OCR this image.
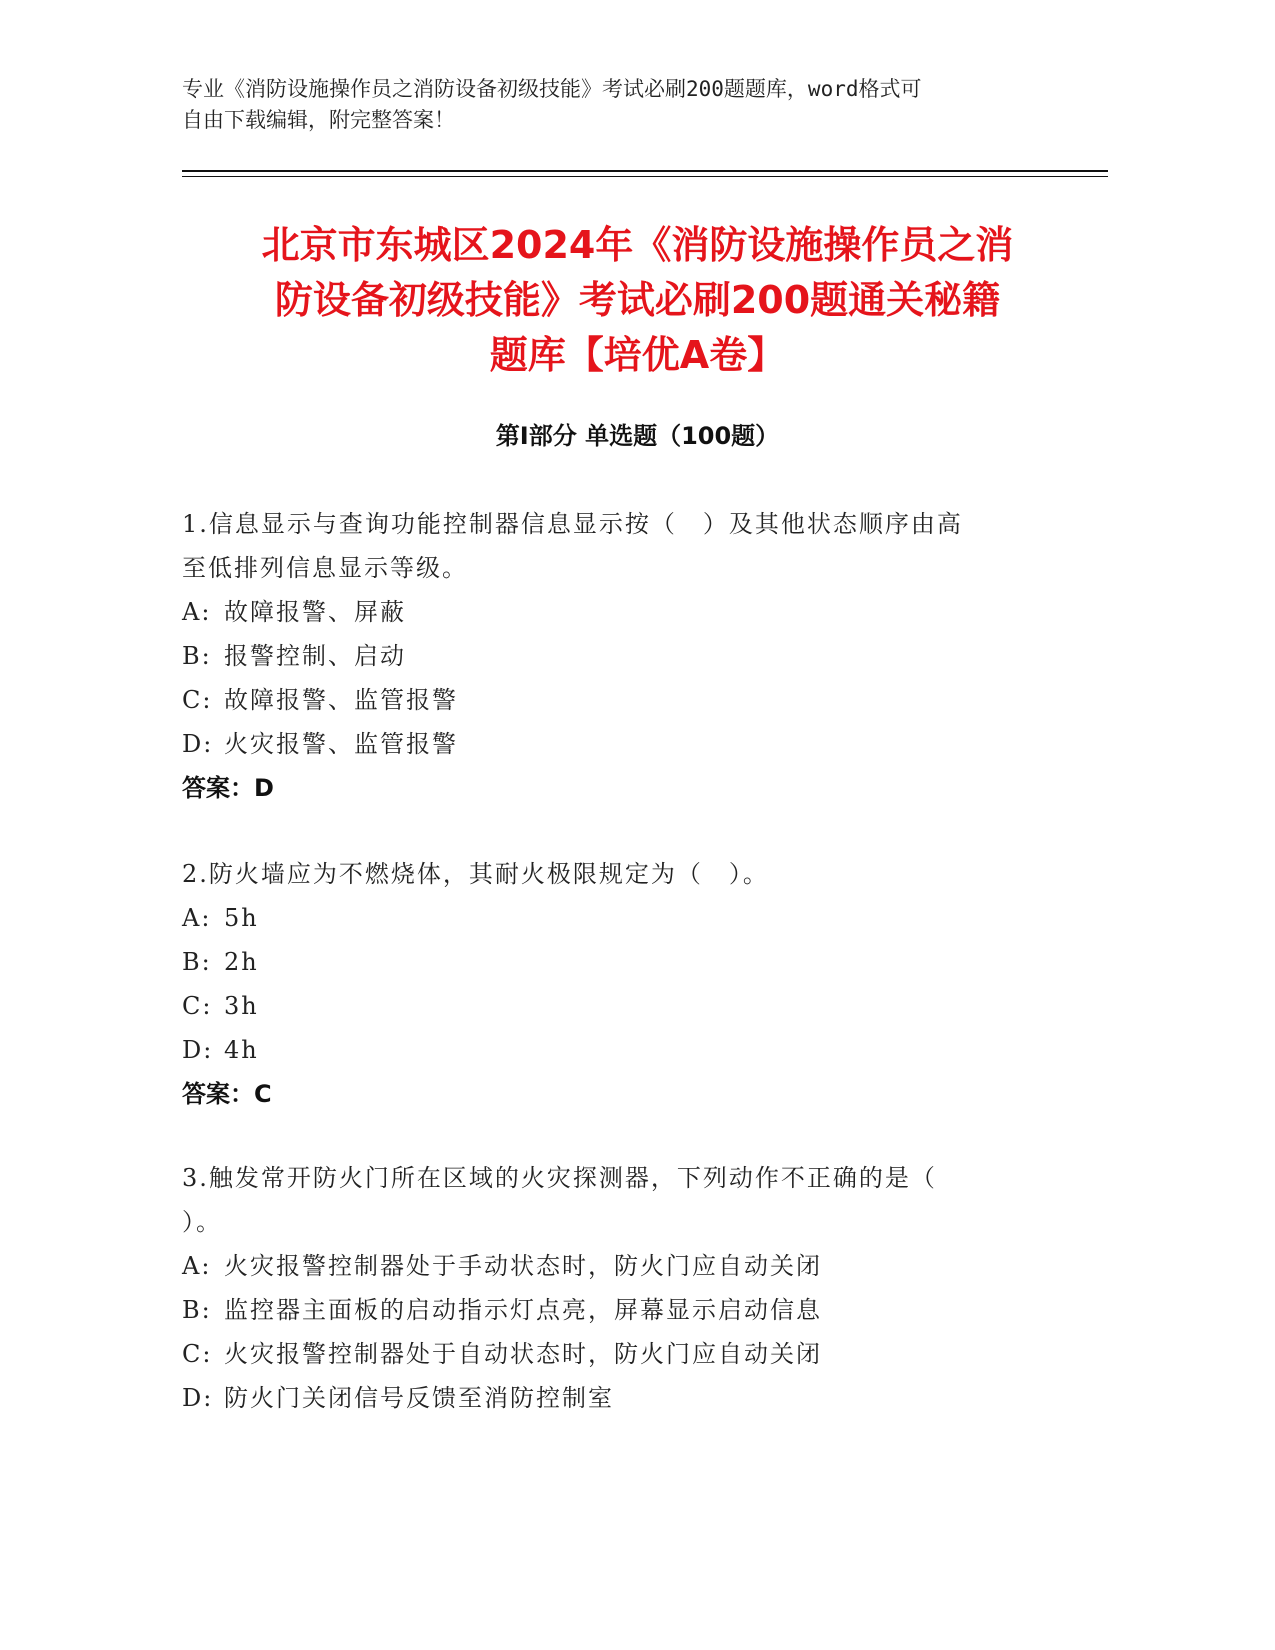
专业《消防设施操作员之消防设备初级技能》考试必刷200题题库，word格式可
自由下载编辑，附完整答案！
北京市东城区2024年《消防设施操作员之消
防设备初级技能》考试必刷200题通关秘籍
题库【培优A卷】
第I部分 单选题（100题）
1.信息显示与查询功能控制器信息显示按（　）及其他状态顺序由高
至低排列信息显示等级。
A: 故障报警、屏蔽
B: 报警控制、启动
C: 故障报警、监管报警
D: 火灾报警、监管报警
答案：D
2.防火墙应为不燃烧体，其耐火极限规定为（　）。
A: 5h
B: 2h
C: 3h
D: 4h
答案：C
3.触发常开防火门所在区域的火灾探测器，下列动作不正确的是（
）。
A: 火灾报警控制器处于手动状态时，防火门应自动关闭
B: 监控器主面板的启动指示灯点亮，屏幕显示启动信息
C: 火灾报警控制器处于自动状态时，防火门应自动关闭
D: 防火门关闭信号反馈至消防控制室
